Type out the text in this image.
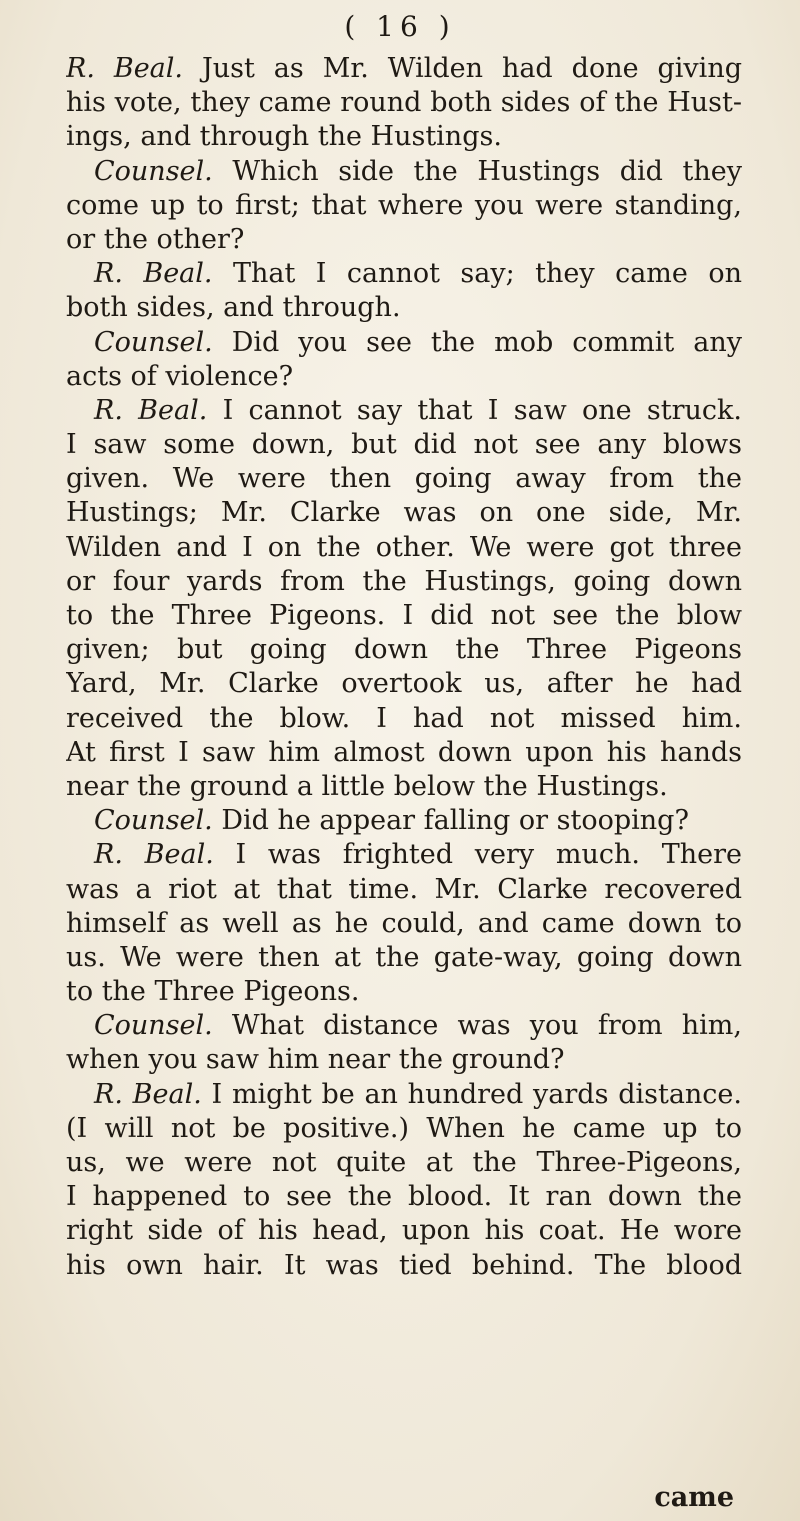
( 16 )
R. Beal. Just as Mr. Wilden had done giving
his vote, they came round both sides of the Hust-
ings, and through the Hustings.
Counsel. Which side the Hustings did they
come up to first; that where you were standing,
or the other?
R. Beal. That I cannot say; they came on
both sides, and through.
Counsel. Did you see the mob commit any
acts of violence?
R. Beal. I cannot say that I saw one struck.
I saw some down, but did not see any blows
given. We were then going away from the
Hustings; Mr. Clarke was on one side, Mr.
Wilden and I on the other. We were got three
or four yards from the Hustings, going down
to the Three Pigeons. I did not see the blow
given; but going down the Three Pigeons
Yard, Mr. Clarke overtook us, after he had
received the blow. I had not missed him.
At first I saw him almost down upon his hands
near the ground a little below the Hustings.
Counsel. Did he appear falling or stooping?
R. Beal. I was frighted very much. There
was a riot at that time. Mr. Clarke recovered
himself as well as he could, and came down to
us. We were then at the gate-way, going down
to the Three Pigeons.
Counsel. What distance was you from him,
when you saw him near the ground?
R. Beal. I might be an hundred yards distance.
(I will not be positive.) When he came up to
us, we were not quite at the Three-Pigeons,
I happened to see the blood. It ran down the
right side of his head, upon his coat. He wore
his own hair. It was tied behind. The blood
came
